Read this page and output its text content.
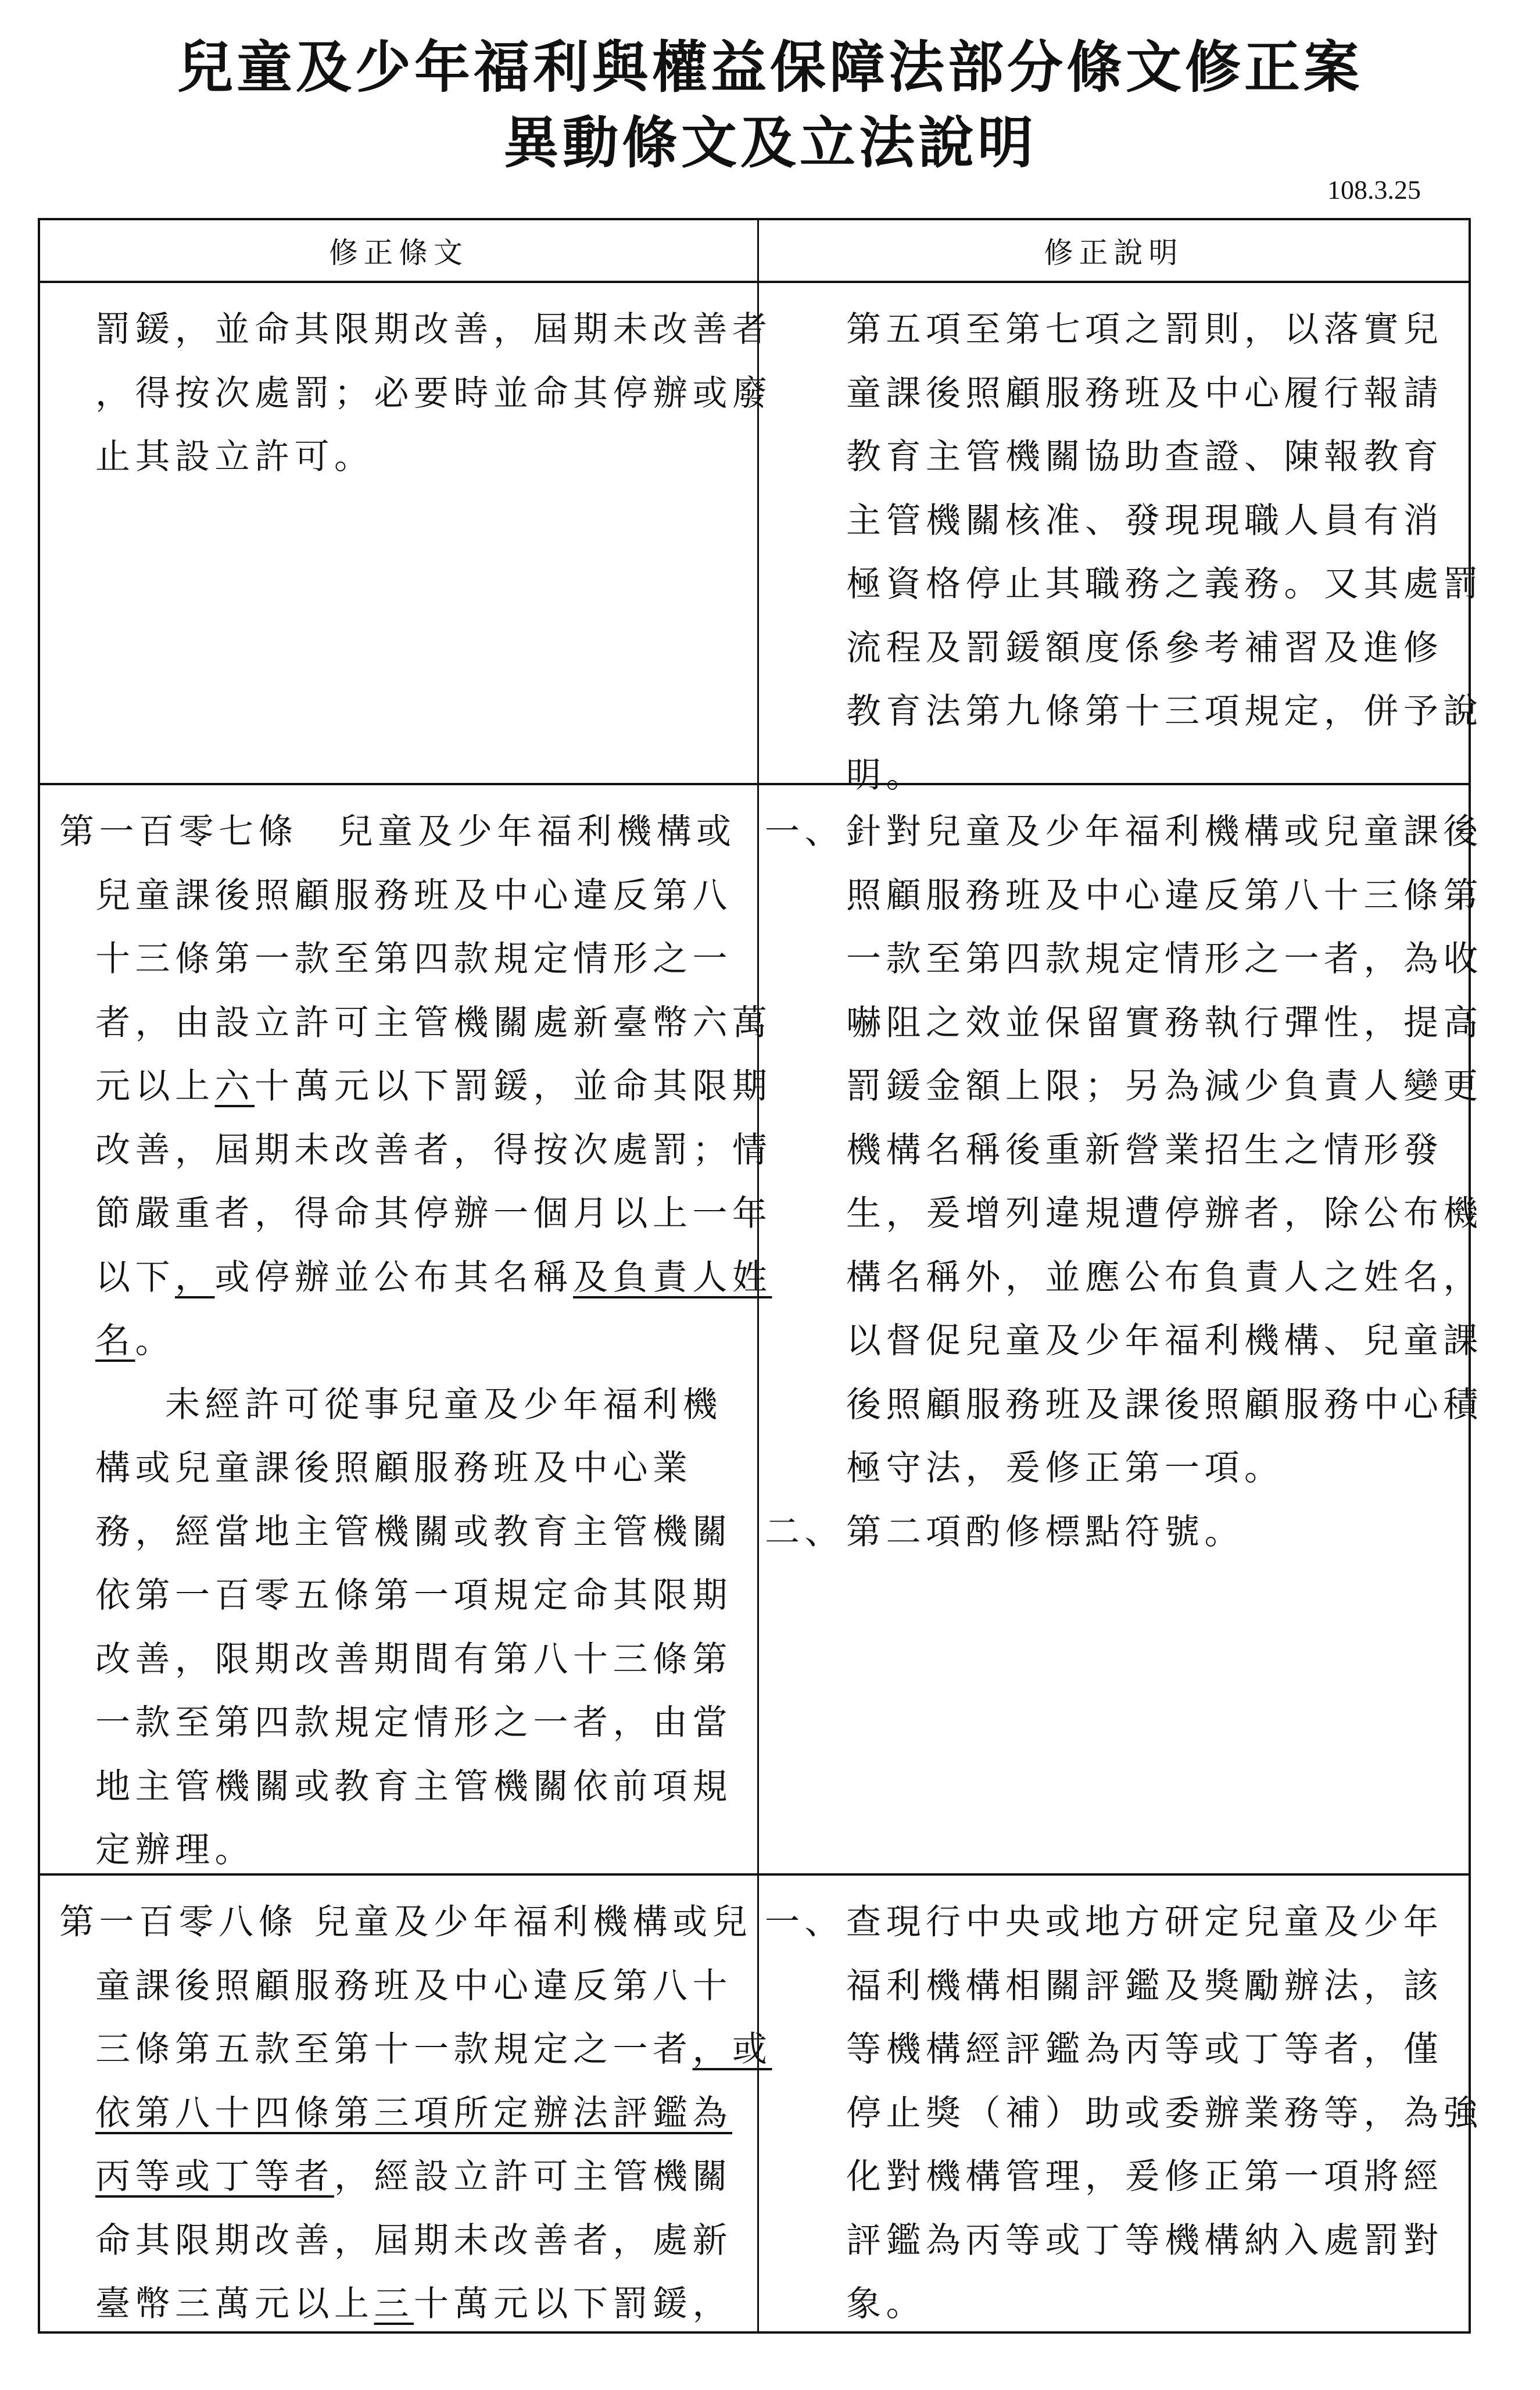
兒童及少年福利與權益保障法部分條文修正案
異動條文及立法說明
108.3.25
修正條文	修正說明
罰鍰，並命其限期改善，屆期未改善者
，得按次處罰；必要時並命其停辦或廢
止其設立許可。
第五項至第七項之罰則，以落實兒
童課後照顧服務班及中心履行報請
教育主管機關協助查證、陳報教育
主管機關核准、發現現職人員有消
極資格停止其職務之義務。又其處罰
流程及罰鍰額度係參考補習及進修
教育法第九條第十三項規定，併予說
明。
第一百零七條　兒童及少年福利機構或
兒童課後照顧服務班及中心違反第八
十三條第一款至第四款規定情形之一
者，由設立許可主管機關處新臺幣六萬
元以上六十萬元以下罰鍰，並命其限期
改善，屆期未改善者，得按次處罰；情
節嚴重者，得命其停辦一個月以上一年
以下，或停辦並公布其名稱及負責人姓
名。
未經許可從事兒童及少年福利機
構或兒童課後照顧服務班及中心業
務，經當地主管機關或教育主管機關
依第一百零五條第一項規定命其限期
改善，限期改善期間有第八十三條第
一款至第四款規定情形之一者，由當
地主管機關或教育主管機關依前項規
定辦理。
一、 針對兒童及少年福利機構或兒童課後
照顧服務班及中心違反第八十三條第
一款至第四款規定情形之一者，為收
嚇阻之效並保留實務執行彈性，提高
罰鍰金額上限；另為減少負責人變更
機構名稱後重新營業招生之情形發
生，爰增列違規遭停辦者，除公布機
構名稱外，並應公布負責人之姓名，
以督促兒童及少年福利機構、兒童課
後照顧服務班及課後照顧服務中心積
極守法，爰修正第一項。
二、 第二項酌修標點符號。
第一百零八條 兒童及少年福利機構或兒
童課後照顧服務班及中心違反第八十
三條第五款至第十一款規定之一者，或
依第八十四條第三項所定辦法評鑑為
丙等或丁等者，經設立許可主管機關
命其限期改善，屆期未改善者，處新
臺幣三萬元以上三十萬元以下罰鍰，
一、 查現行中央或地方研定兒童及少年
福利機構相關評鑑及獎勵辦法，該
等機構經評鑑為丙等或丁等者，僅
停止獎（補）助或委辦業務等，為強
化對機構管理，爰修正第一項將經
評鑑為丙等或丁等機構納入處罰對
象。
